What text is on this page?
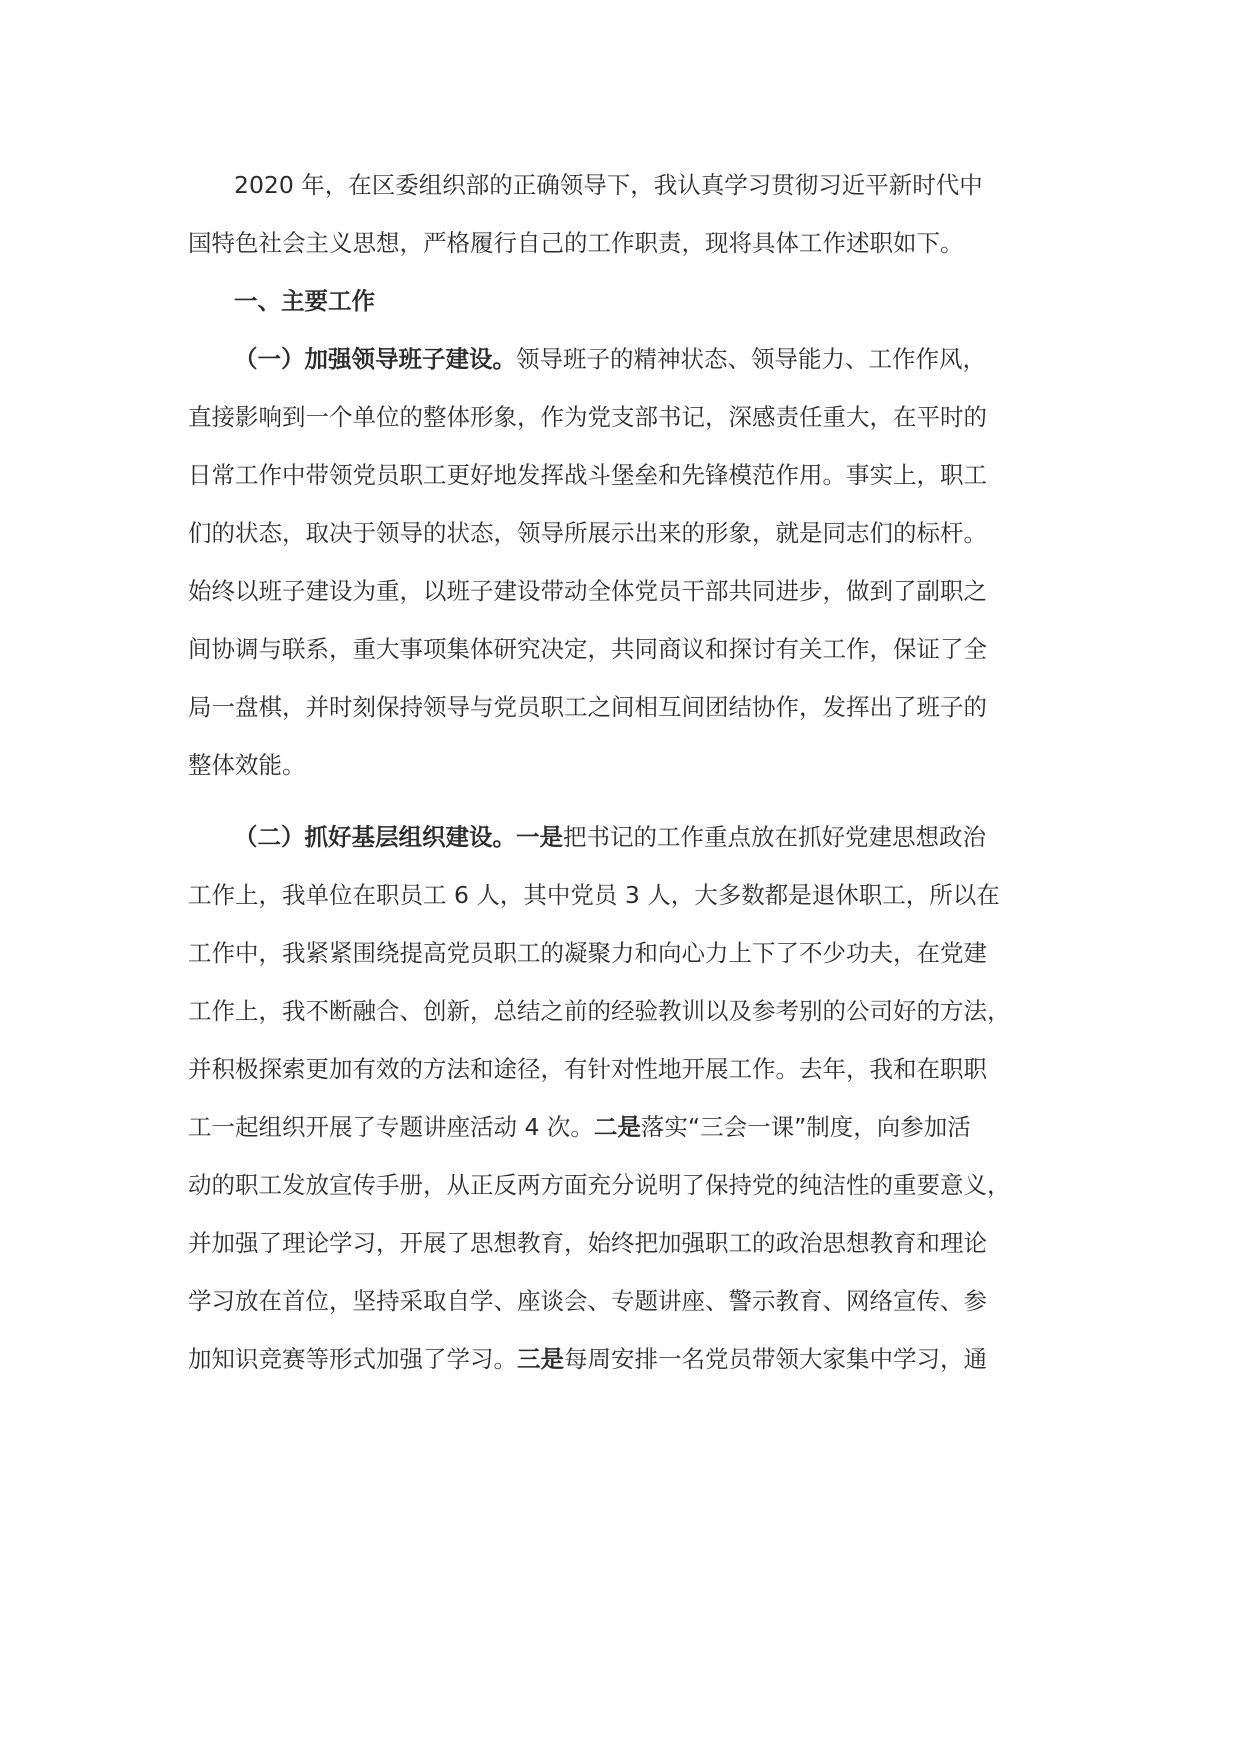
2020 年，在区委组织部的正确领导下，我认真学习贯彻习近平新时代中
国特色社会主义思想，严格履行自己的工作职责，现将具体工作述职如下。
一、主要工作
（一）加强领导班子建设。领导班子的精神状态、领导能力、工作作风，
直接影响到一个单位的整体形象，作为党支部书记，深感责任重大，在平时的
日常工作中带领党员职工更好地发挥战斗堡垒和先锋模范作用。事实上，职工
们的状态，取决于领导的状态，领导所展示出来的形象，就是同志们的标杆。
始终以班子建设为重，以班子建设带动全体党员干部共同进步，做到了副职之
间协调与联系，重大事项集体研究决定，共同商议和探讨有关工作，保证了全
局一盘棋，并时刻保持领导与党员职工之间相互间团结协作，发挥出了班子的
整体效能。
（二）抓好基层组织建设。一是把书记的工作重点放在抓好党建思想政治
工作上，我单位在职员工 6 人，其中党员 3 人，大多数都是退休职工，所以在
工作中，我紧紧围绕提高党员职工的凝聚力和向心力上下了不少功夫，在党建
工作上，我不断融合、创新，总结之前的经验教训以及参考别的公司好的方法，
并积极探索更加有效的方法和途径，有针对性地开展工作。去年，我和在职职
工一起组织开展了专题讲座活动 4 次。二是落实“三会一课”制度，向参加活
动的职工发放宣传手册，从正反两方面充分说明了保持党的纯洁性的重要意义，
并加强了理论学习，开展了思想教育，始终把加强职工的政治思想教育和理论
学习放在首位，坚持采取自学、座谈会、专题讲座、警示教育、网络宣传、参
加知识竞赛等形式加强了学习。三是每周安排一名党员带领大家集中学习，通
